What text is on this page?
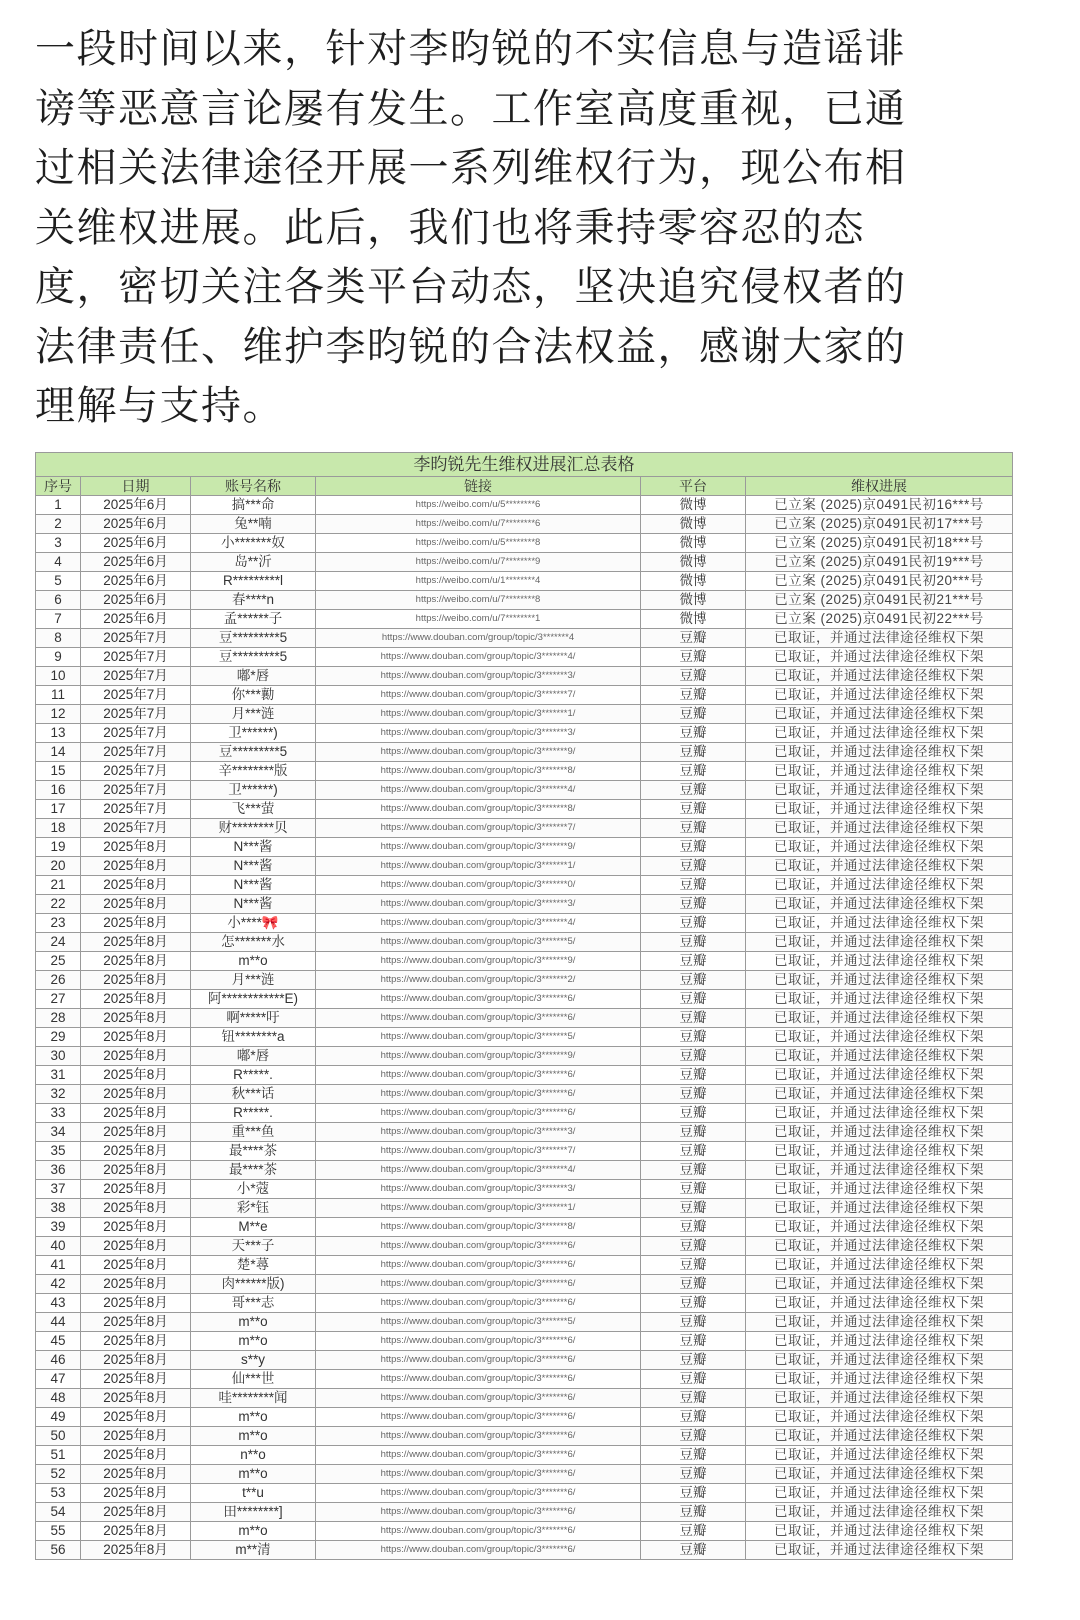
一段时间以来，针对李昀锐的不实信息与造谣诽
谤等恶意言论屡有发生。工作室高度重视，已通
过相关法律途径开展一系列维权行为，现公布相
关维权进展。此后，我们也将秉持零容忍的态
度，密切关注各类平台动态，坚决追究侵权者的
法律责任、维护李昀锐的合法权益，感谢大家的
理解与支持。
李昀锐先生维权进展汇总表格					
序号	日期	账号名称	链接	平台	维权进展
1	2025年6月	搞***命	https://weibo.com/u/5********6	微博	已立案 (2025)京0491民初16***号
2	2025年6月	兔**喃	https://weibo.com/u/7********6	微博	已立案 (2025)京0491民初17***号
3	2025年6月	小*******奴	https://weibo.com/u/5********8	微博	已立案 (2025)京0491民初18***号
4	2025年6月	岛**沂	https://weibo.com/u/7********9	微博	已立案 (2025)京0491民初19***号
5	2025年6月	R*********l	https://weibo.com/u/1********4	微博	已立案 (2025)京0491民初20***号
6	2025年6月	春****n	https://weibo.com/u/7********8	微博	已立案 (2025)京0491民初21***号
7	2025年6月	孟******子	https://weibo.com/u/7********1	微博	已立案 (2025)京0491民初22***号
8	2025年7月	豆*********5	https://www.douban.com/group/topic/3*******4	豆瓣	已取证，并通过法律途径维权下架
9	2025年7月	豆*********5	https://www.douban.com/group/topic/3*******4/	豆瓣	已取证，并通过法律途径维权下架
10	2025年7月	嘟*唇	https://www.douban.com/group/topic/3*******3/	豆瓣	已取证，并通过法律途径维权下架
11	2025年7月	你***勷	https://www.douban.com/group/topic/3*******7/	豆瓣	已取证，并通过法律途径维权下架
12	2025年7月	月***涟	https://www.douban.com/group/topic/3*******1/	豆瓣	已取证，并通过法律途径维权下架
13	2025年7月	卫******)	https://www.douban.com/group/topic/3*******3/	豆瓣	已取证，并通过法律途径维权下架
14	2025年7月	豆*********5	https://www.douban.com/group/topic/3*******9/	豆瓣	已取证，并通过法律途径维权下架
15	2025年7月	辛********版	https://www.douban.com/group/topic/3*******8/	豆瓣	已取证，并通过法律途径维权下架
16	2025年7月	卫******)	https://www.douban.com/group/topic/3*******4/	豆瓣	已取证，并通过法律途径维权下架
17	2025年7月	飞***萤	https://www.douban.com/group/topic/3*******8/	豆瓣	已取证，并通过法律途径维权下架
18	2025年7月	财********贝	https://www.douban.com/group/topic/3*******7/	豆瓣	已取证，并通过法律途径维权下架
19	2025年8月	N***酱	https://www.douban.com/group/topic/3*******9/	豆瓣	已取证，并通过法律途径维权下架
20	2025年8月	N***酱	https://www.douban.com/group/topic/3*******1/	豆瓣	已取证，并通过法律途径维权下架
21	2025年8月	N***酱	https://www.douban.com/group/topic/3*******0/	豆瓣	已取证，并通过法律途径维权下架
22	2025年8月	N***酱	https://www.douban.com/group/topic/3*******3/	豆瓣	已取证，并通过法律途径维权下架
23	2025年8月	小****🎀	https://www.douban.com/group/topic/3*******4/	豆瓣	已取证，并通过法律途径维权下架
24	2025年8月	怎*******水	https://www.douban.com/group/topic/3*******5/	豆瓣	已取证，并通过法律途径维权下架
25	2025年8月	m**o	https://www.douban.com/group/topic/3*******9/	豆瓣	已取证，并通过法律途径维权下架
26	2025年8月	月***涟	https://www.douban.com/group/topic/3*******2/	豆瓣	已取证，并通过法律途径维权下架
27	2025年8月	阿************E)	https://www.douban.com/group/topic/3*******6/	豆瓣	已取证，并通过法律途径维权下架
28	2025年8月	啊*****吁	https://www.douban.com/group/topic/3*******6/	豆瓣	已取证，并通过法律途径维权下架
29	2025年8月	钮********a	https://www.douban.com/group/topic/3*******5/	豆瓣	已取证，并通过法律途径维权下架
30	2025年8月	嘟*唇	https://www.douban.com/group/topic/3*******9/	豆瓣	已取证，并通过法律途径维权下架
31	2025年8月	R*****.	https://www.douban.com/group/topic/3*******6/	豆瓣	已取证，并通过法律途径维权下架
32	2025年8月	秋***话	https://www.douban.com/group/topic/3*******6/	豆瓣	已取证，并通过法律途径维权下架
33	2025年8月	R*****.	https://www.douban.com/group/topic/3*******6/	豆瓣	已取证，并通过法律途径维权下架
34	2025年8月	重***鱼	https://www.douban.com/group/topic/3*******3/	豆瓣	已取证，并通过法律途径维权下架
35	2025年8月	最****茶	https://www.douban.com/group/topic/3*******7/	豆瓣	已取证，并通过法律途径维权下架
36	2025年8月	最****茶	https://www.douban.com/group/topic/3*******4/	豆瓣	已取证，并通过法律途径维权下架
37	2025年8月	小*蔻	https://www.douban.com/group/topic/3*******3/	豆瓣	已取证，并通过法律途径维权下架
38	2025年8月	彩*钰	https://www.douban.com/group/topic/3*******1/	豆瓣	已取证，并通过法律途径维权下架
39	2025年8月	M**e	https://www.douban.com/group/topic/3*******8/	豆瓣	已取证，并通过法律途径维权下架
40	2025年8月	天***子	https://www.douban.com/group/topic/3*******6/	豆瓣	已取证，并通过法律途径维权下架
41	2025年8月	楚*蕁	https://www.douban.com/group/topic/3*******6/	豆瓣	已取证，并通过法律途径维权下架
42	2025年8月	肉******版)	https://www.douban.com/group/topic/3*******6/	豆瓣	已取证，并通过法律途径维权下架
43	2025年8月	哥***志	https://www.douban.com/group/topic/3*******6/	豆瓣	已取证，并通过法律途径维权下架
44	2025年8月	m**o	https://www.douban.com/group/topic/3*******5/	豆瓣	已取证，并通过法律途径维权下架
45	2025年8月	m**o	https://www.douban.com/group/topic/3*******6/	豆瓣	已取证，并通过法律途径维权下架
46	2025年8月	s**y	https://www.douban.com/group/topic/3*******6/	豆瓣	已取证，并通过法律途径维权下架
47	2025年8月	仙***世	https://www.douban.com/group/topic/3*******6/	豆瓣	已取证，并通过法律途径维权下架
48	2025年8月	哇********闻	https://www.douban.com/group/topic/3*******6/	豆瓣	已取证，并通过法律途径维权下架
49	2025年8月	m**o	https://www.douban.com/group/topic/3*******6/	豆瓣	已取证，并通过法律途径维权下架
50	2025年8月	m**o	https://www.douban.com/group/topic/3*******6/	豆瓣	已取证，并通过法律途径维权下架
51	2025年8月	n**o	https://www.douban.com/group/topic/3*******6/	豆瓣	已取证，并通过法律途径维权下架
52	2025年8月	m**o	https://www.douban.com/group/topic/3*******6/	豆瓣	已取证，并通过法律途径维权下架
53	2025年8月	t**u	https://www.douban.com/group/topic/3*******6/	豆瓣	已取证，并通过法律途径维权下架
54	2025年8月	田********]	https://www.douban.com/group/topic/3*******6/	豆瓣	已取证，并通过法律途径维权下架
55	2025年8月	m**o	https://www.douban.com/group/topic/3*******6/	豆瓣	已取证，并通过法律途径维权下架
56	2025年8月	m**清	https://www.douban.com/group/topic/3*******6/	豆瓣	已取证，并通过法律途径维权下架
